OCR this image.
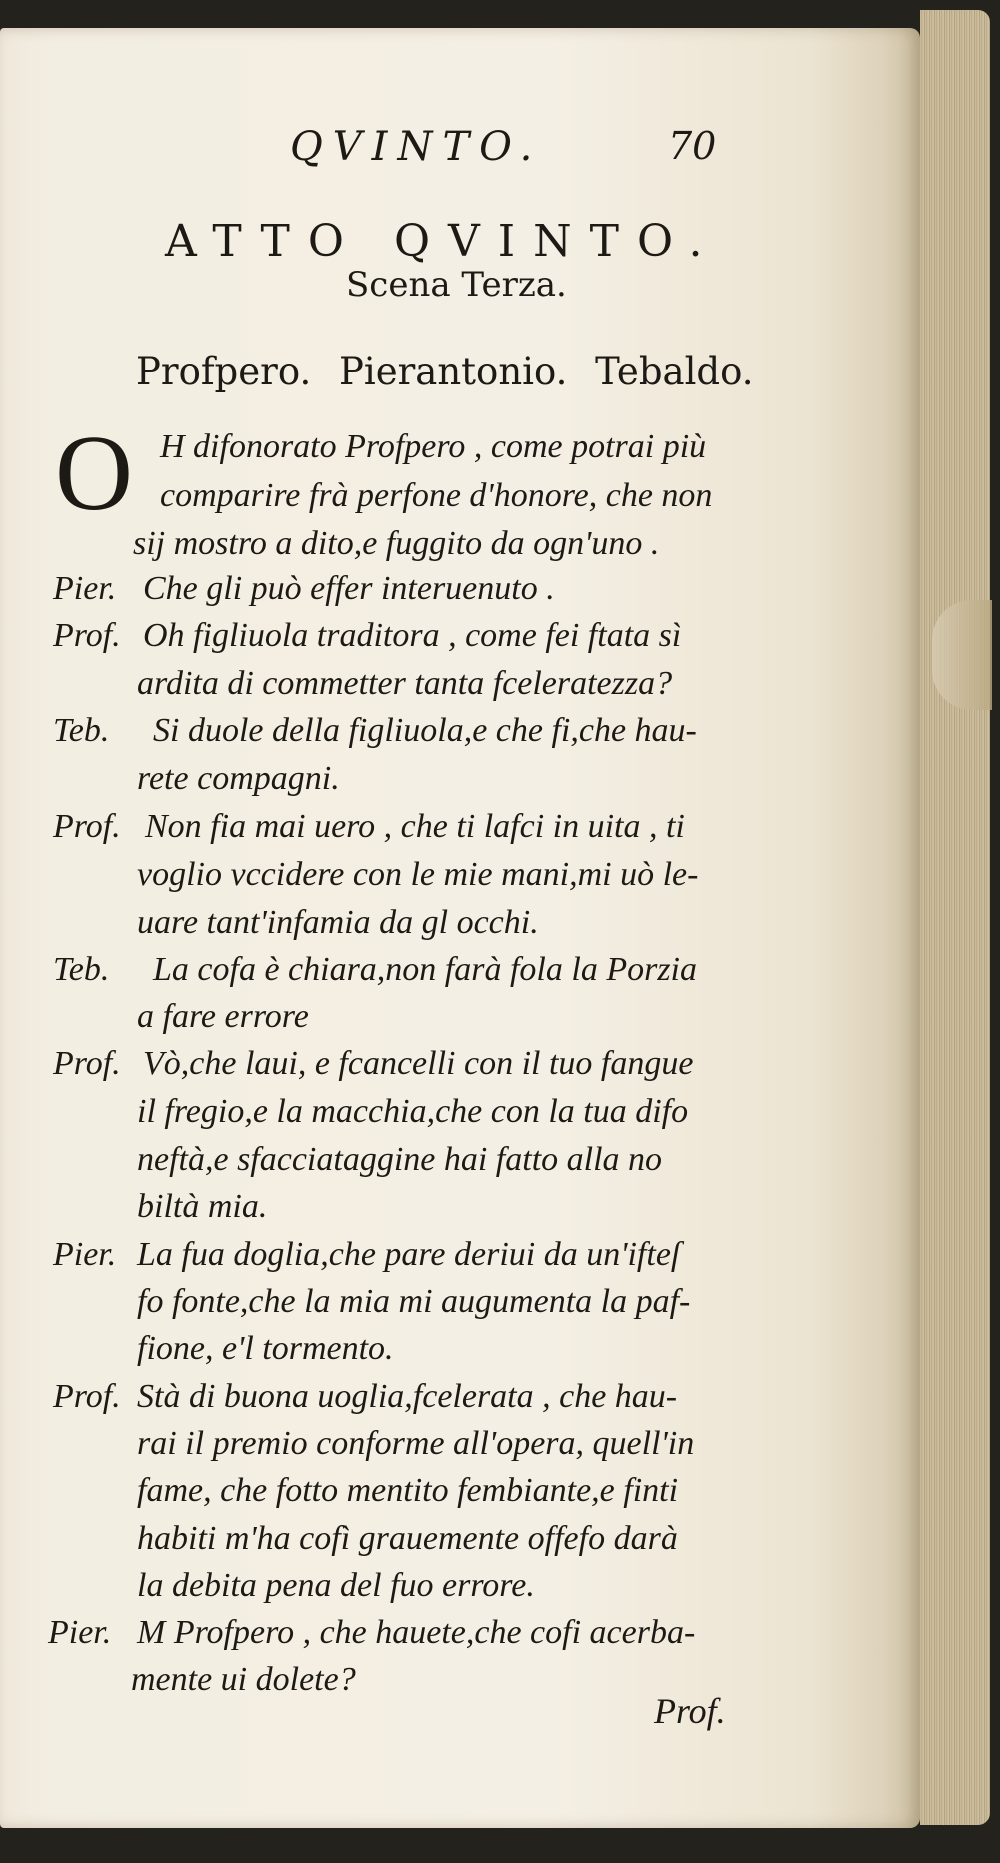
QVINTO.	70
ATTO QVINTO.
Scena Terza.
Profpero. Pierantonio. Tebaldo.
O H difonorato Profpero , come potrai più
comparire frà perfone d'honore, che non
sij mostro a dito,e fuggito da ogn'uno .
Pier. Che gli può effer interuenuto .
Prof. Oh figliuola traditora , come fei ftata sì
ardita di commetter tanta fceleratezza?
Teb. Si duole della figliuola,e che fi,che hau-
rete compagni.
Prof. Non fia mai uero , che ti lafci in uita , ti
voglio vccidere con le mie mani,mi uò le-
uare tant'infamia da gl occhi.
Teb. La cofa è chiara,non farà fola la Porzia
a fare errore
Prof. Vò,che laui, e fcancelli con il tuo fangue
il fregio,e la macchia,che con la tua difo
neftà,e sfacciataggine hai fatto alla no
biltà mia.
Pier. La fua doglia,che pare deriui da un'ifteſ
fo fonte,che la mia mi augumenta la paf-
fione, e'l tormento.
Prof. Stà di buona uoglia,fcelerata , che hau-
rai il premio conforme all'opera, quell'in
fame, che fotto mentito fembiante,e finti
habiti m'ha cofì grauemente offefo darà
la debita pena del fuo errore.
Pier. M Profpero , che hauete,che cofi acerba-
mente ui dolete?
Prof.
